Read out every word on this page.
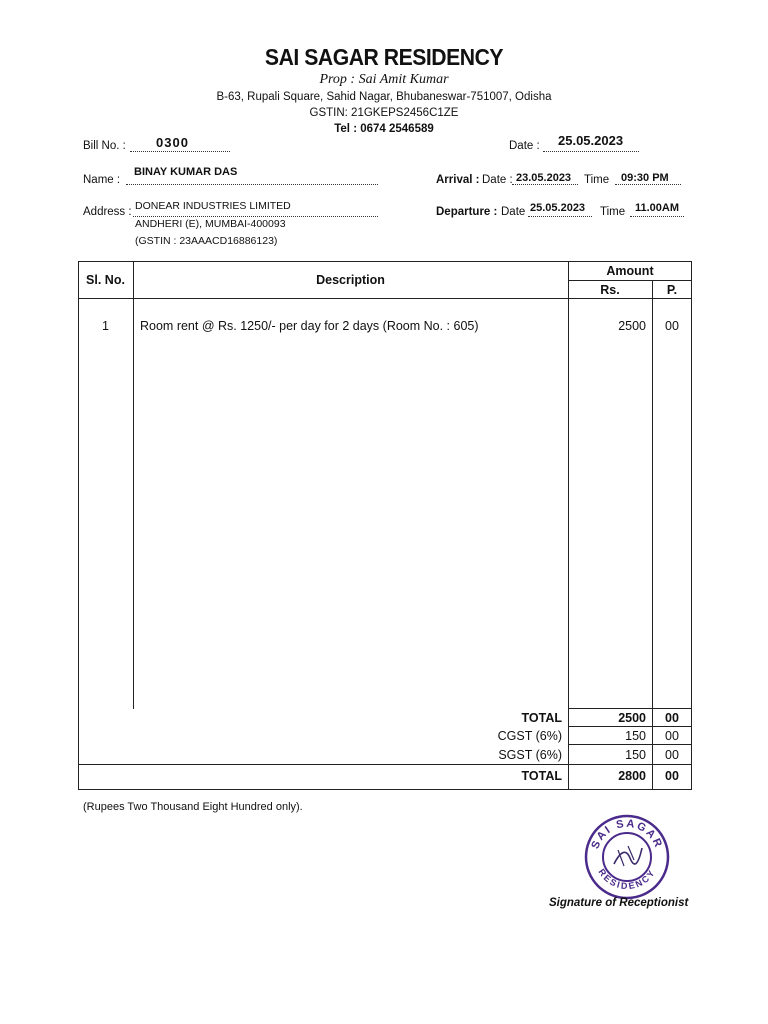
SAI SAGAR RESIDENCY
Prop : Sai Amit Kumar
B-63, Rupali Square, Sahid Nagar, Bhubaneswar-751007, Odisha
GSTIN: 21GKEPS2456C1ZE
Tel : 0674 2546589
Bill No. : 0300	Date : 25.05.2023
Name :
BINAY KUMAR DAS
Arrival : Date : 23.05.2023 Time 09:30 PM
Address : DONEAR INDUSTRIES LIMITED
ANDHERI (E), MUMBAI-400093
(GSTIN : 23AAACD16886123)
Departure : Date 25.05.2023 Time 11.00AM
Sl. No.	Description
Amount
Rs.	P.
1	Room rent @ Rs. 1250/- per day for 2 days (Room No. : 605)	2500	00
TOTAL	2500	00
CGST (6%)	150	00
SGST (6%)	150	00
TOTAL	2800	00
(Rupees Two Thousand Eight Hundred only).
SAI SAGAR
RESIDENCY
Signature of Receptionist
